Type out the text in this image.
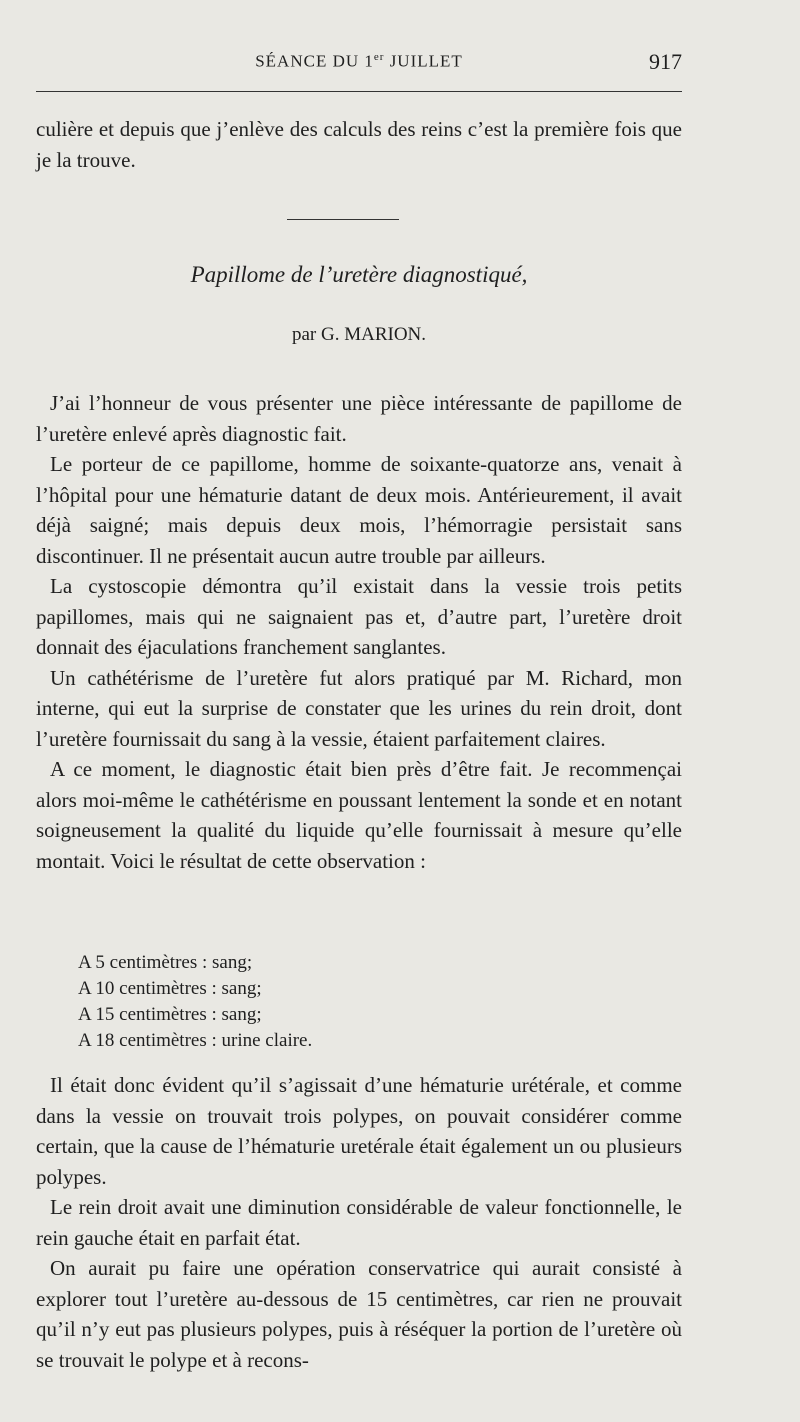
SÉANCE DU 1er JUILLET	917

culière et depuis que j’enlève des calculs des reins c’est la première fois que je la trouve.

Papillome de l’uretère diagnostiqué,
par G. MARION.

J’ai l’honneur de vous présenter une pièce intéressante de papillome de l’uretère enlevé après diagnostic fait.

Le porteur de ce papillome, homme de soixante-quatorze ans, venait à l’hôpital pour une hématurie datant de deux mois. Antérieurement, il avait déjà saigné; mais depuis deux mois, l’hémorragie persistait sans discontinuer. Il ne présentait aucun autre trouble par ailleurs.

La cystoscopie démontra qu’il existait dans la vessie trois petits papillomes, mais qui ne saignaient pas et, d’autre part, l’uretère droit donnait des éjaculations franchement sanglantes.

Un cathétérisme de l’uretère fut alors pratiqué par M. Richard, mon interne, qui eut la surprise de constater que les urines du rein droit, dont l’uretère fournissait du sang à la vessie, étaient parfaitement claires.

A ce moment, le diagnostic était bien près d’être fait. Je recommençai alors moi-même le cathétérisme en poussant lentement la sonde et en notant soigneusement la qualité du liquide qu’elle fournissait à mesure qu’elle montait. Voici le résultat de cette observation :

A 5 centimètres : sang;
A 10 centimètres : sang;
A 15 centimètres : sang;
A 18 centimètres : urine claire.

Il était donc évident qu’il s’agissait d’une hématurie urétérale, et comme dans la vessie on trouvait trois polypes, on pouvait considérer comme certain, que la cause de l’hématurie uretérale était également un ou plusieurs polypes.

Le rein droit avait une diminution considérable de valeur fonctionnelle, le rein gauche était en parfait état.

On aurait pu faire une opération conservatrice qui aurait consisté à explorer tout l’uretère au-dessous de 15 centimètres, car rien ne prouvait qu’il n’y eut pas plusieurs polypes, puis à réséquer la portion de l’uretère où se trouvait le polype et à recons-
